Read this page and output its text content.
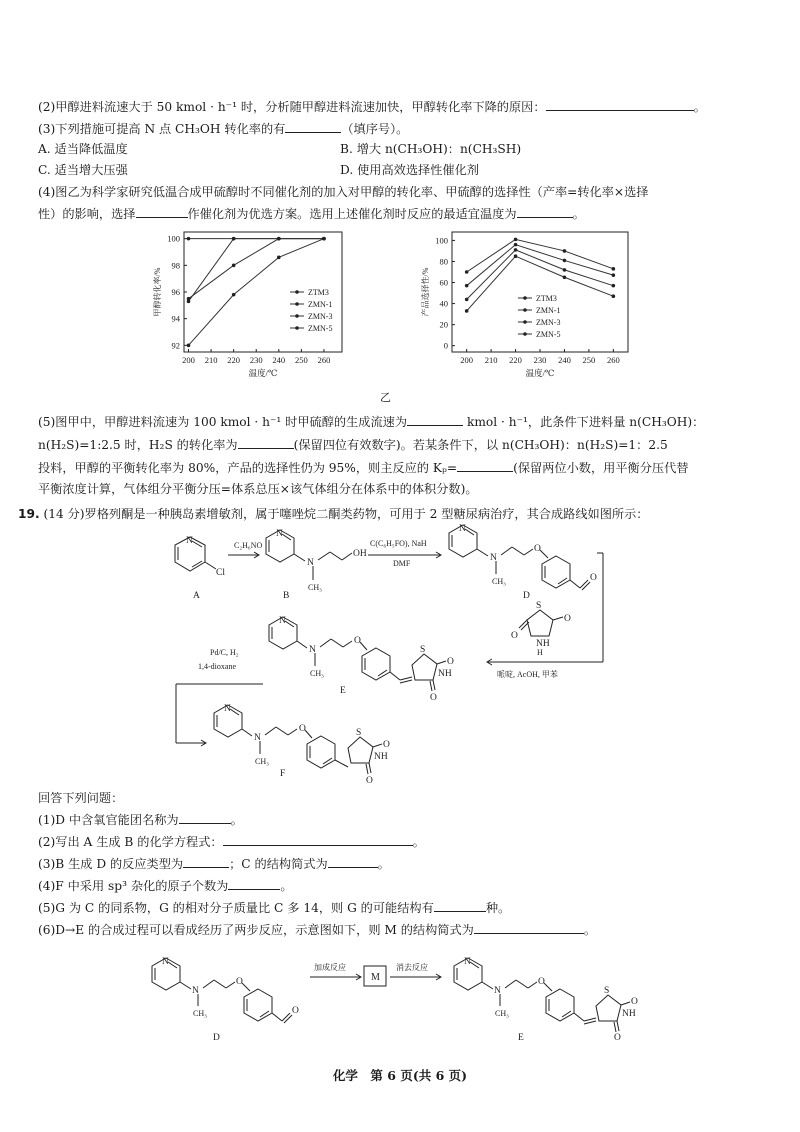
(2)甲醇进料流速大于 50 kmol · h⁻¹ 时，分析随甲醇进料流速加快，甲醇转化率下降的原因：	。
(3)下列措施可提高 N 点 CH₃OH 转化率的有	（填序号）。
A. 适当降低温度	B. 增大 n(CH₃OH)：n(CH₃SH)
C. 适当增大压强	D. 使用高效选择性催化剂
(4)图乙为科学家研究低温合成甲硫醇时不同催化剂的加入对甲醇的转化率、甲硫醇的选择性（产率=转化率×选择
性）的影响，选择	作催化剂为优选方案。选用上述催化剂时反应的最适宜温度为	。
200 210 220 230 240 250 260
92
94
96
98
100
温度/℃
甲醇转化率/%	ZTM3
ZMN-1
ZMN-3
ZMN-5
200 210 220 230 240 250 260
0
20
40
60
80
100
温度/℃
产品选择性/%	ZTM3
ZMN-1
ZMN-3
ZMN-5
乙
(5)图甲中，甲醇进料流速为 100 kmol · h⁻¹ 时甲硫醇的生成流速为	kmol · h⁻¹，此条件下进料量 n(CH₃OH)：
n(H₂S)=1:2.5 时，H₂S 的转化率为	(保留四位有效数字)。若某条件下，以 n(CH₃OH)：n(H₂S)=1：2.5
投料，甲醇的平衡转化率为 80%，产品的选择性仍为 95%，则主反应的 Kₚ=	(保留两位小数，用平衡分压代替
平衡浓度计算，气体组分平衡分压=体系总压×该气体组分在体系中的体积分数)。
19. (14 分)罗格列酮是一种胰岛素增敏剂，属于噻唑烷二酮类药物，可用于 2 型糖尿病治疗，其合成路线如图所示：
N
Cl
A
C₂H₆NO
N
N
OH
CH₃
B
C(C₆H₅FO), NaH
DMF
N
N
O
O
CH₃
D
S
O
O
NH
H
哌啶, AcOH, 甲苯
N
N
O
S
O
NH
O
CH₃
E
Pd/C, H₂
1,4-dioxane
N
N
O	S
O
NH
O
CH₃
F
N
N
O
O
CH₃
D
加成反应
M
消去反应
N
N
O
S
O
NH
O
CH₃
E
回答下列问题：
(1)D 中含氧官能团名称为	。
(2)写出 A 生成 B 的化学方程式：	。
(3)B 生成 D 的反应类型为	；C 的结构简式为	。
(4)F 中采用 sp³ 杂化的原子个数为	。
(5)G 为 C 的同系物，G 的相对分子质量比 C 多 14，则 G 的可能结构有	种。
(6)D→E 的合成过程可以看成经历了两步反应，示意图如下，则 M 的结构简式为	。
化学　第 6 页(共 6 页)
